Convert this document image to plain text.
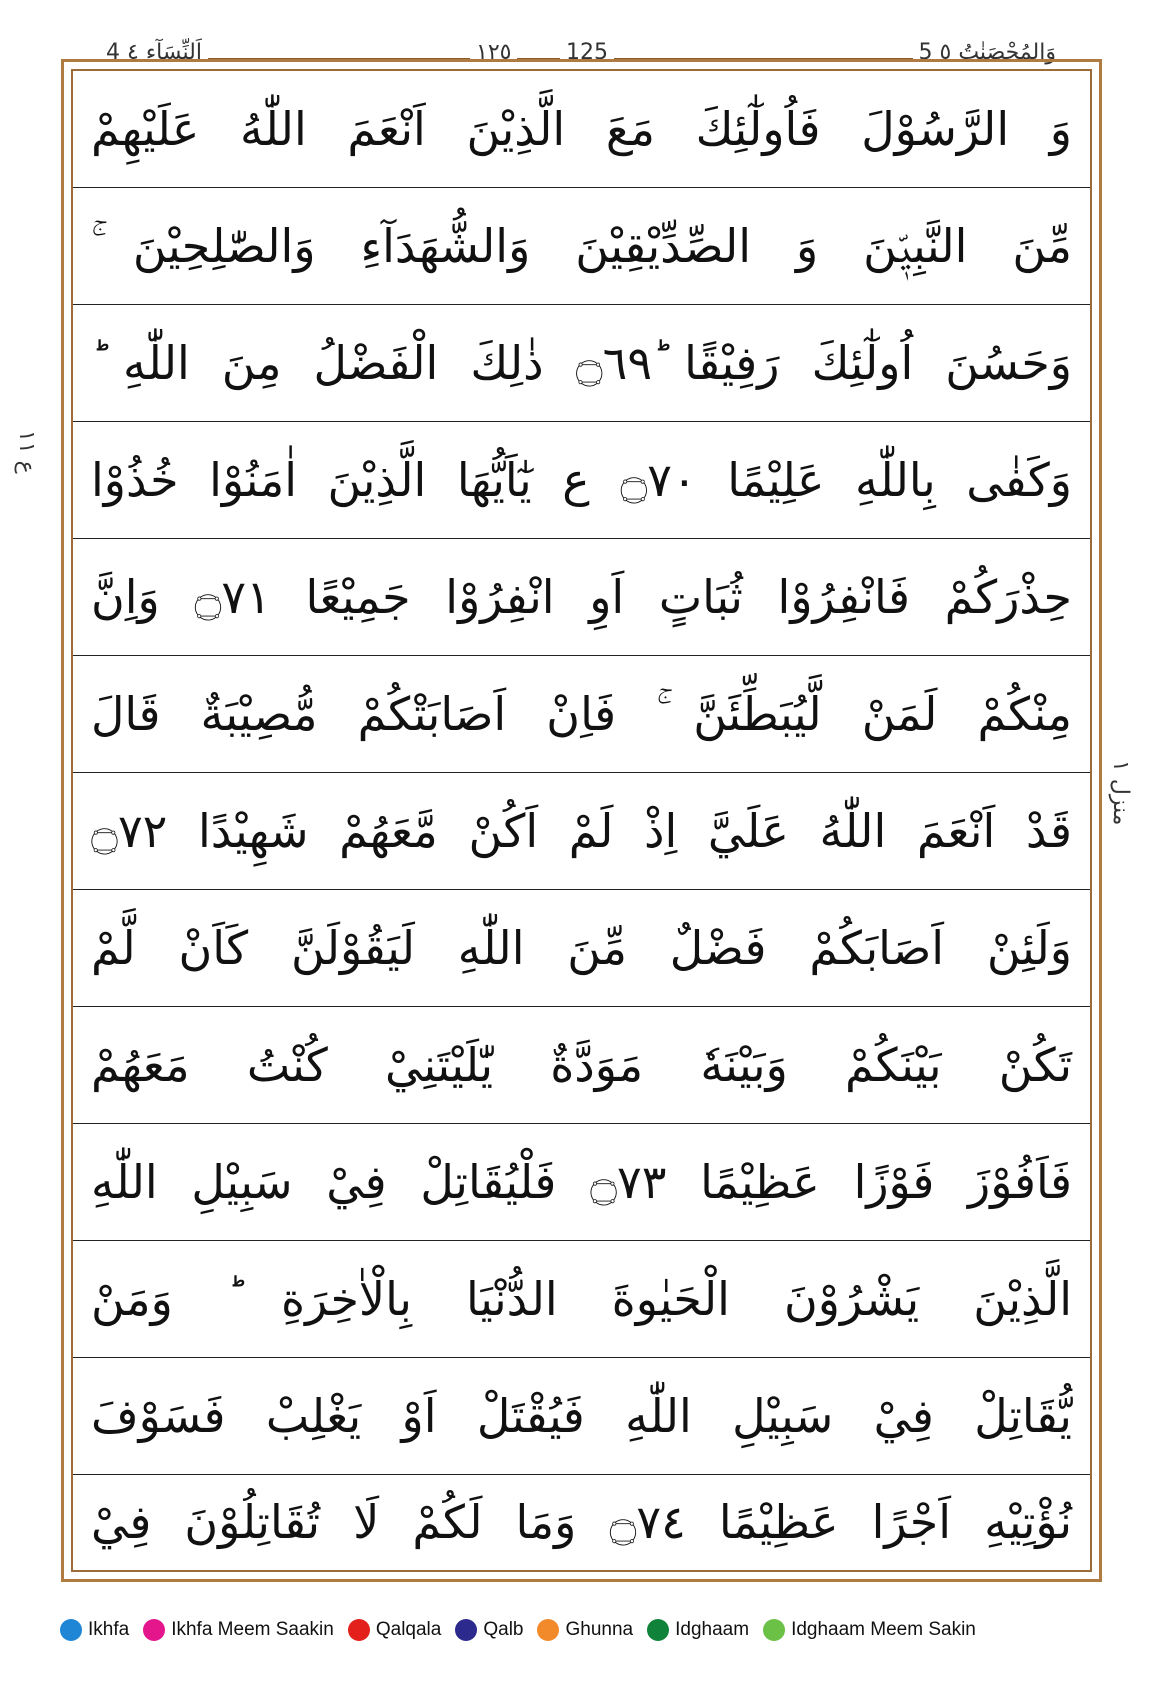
4 اَلنِّسَآء ٤	١٢٥ 125	5 وَالمُحْصَنٰتُ ٥
ع ١١
منزل ١
وَ الرَّسُوْلَ فَاُولٰٓئِكَ مَعَ الَّذِيْنَ اَنْعَمَ اللّٰهُ عَلَيْهِمْ
مِّنَ النَّبِيّٖنَ وَ الصِّدِّيْقِيْنَ وَالشُّهَدَآءِ وَالصّٰلِحِيْنَ ۚ
وَحَسُنَ اُولٰٓئِكَ رَفِيْقًا ؕ۝٦٩ ذٰلِكَ الْفَضْلُ مِنَ اللّٰهِ ؕ
وَكَفٰى بِاللّٰهِ عَلِيْمًا ۝٧٠ ع يٰٓاَيُّهَا الَّذِيْنَ اٰمَنُوْا خُذُوْا
حِذْرَكُمْ فَانْفِرُوْا ثُبَاتٍ اَوِ انْفِرُوْا جَمِيْعًا ۝٧١ وَاِنَّ
مِنْكُمْ لَمَنْ لَّيُبَطِّئَنَّ ۚ فَاِنْ اَصَابَتْكُمْ مُّصِيْبَةٌ قَالَ
قَدْ اَنْعَمَ اللّٰهُ عَلَيَّ اِذْ لَمْ اَكُنْ مَّعَهُمْ شَهِيْدًا ۝٧٢
وَلَئِنْ اَصَابَكُمْ فَضْلٌ مِّنَ اللّٰهِ لَيَقُوْلَنَّ كَاَنْ لَّمْ
تَكُنْ بَيْنَكُمْ وَبَيْنَهٗ مَوَدَّةٌ يّٰلَيْتَنِيْ كُنْتُ مَعَهُمْ
فَاَفُوْزَ فَوْزًا عَظِيْمًا ۝٧٣ فَلْيُقَاتِلْ فِيْ سَبِيْلِ اللّٰهِ
الَّذِيْنَ يَشْرُوْنَ الْحَيٰوةَ الدُّنْيَا بِالْاٰخِرَةِ ؕ وَمَنْ
يُّقَاتِلْ فِيْ سَبِيْلِ اللّٰهِ فَيُقْتَلْ اَوْ يَغْلِبْ فَسَوْفَ
نُؤْتِيْهِ اَجْرًا عَظِيْمًا ۝٧٤ وَمَا لَكُمْ لَا تُقَاتِلُوْنَ فِيْ
Ikhfa Ikhfa Meem Saakin Qalqala Qalb Ghunna Idghaam Idghaam Meem Sakin
